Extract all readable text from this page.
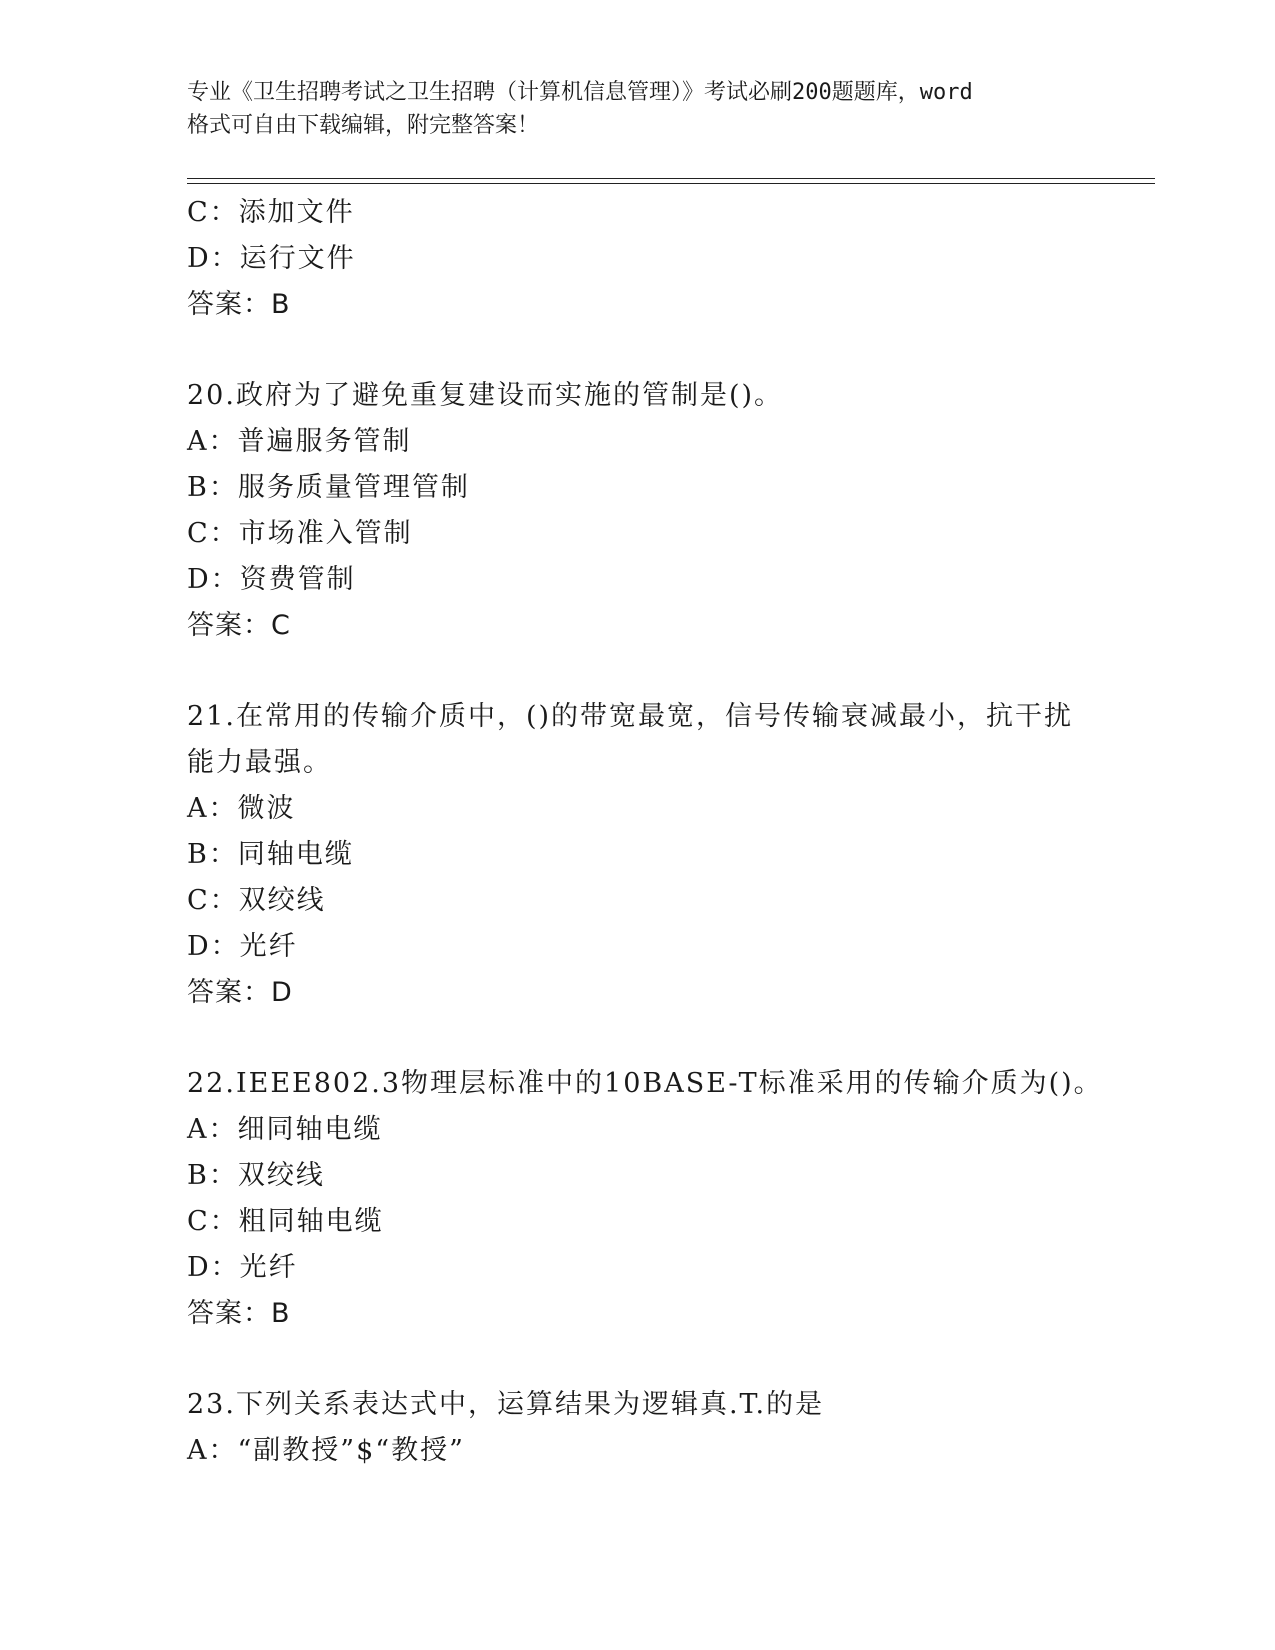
专业《卫生招聘考试之卫生招聘（计算机信息管理）》考试必刷200题题库，word
格式可自由下载编辑，附完整答案！
C：添加文件
D：运行文件
答案：B
20.政府为了避免重复建设而实施的管制是()。
A：普遍服务管制
B：服务质量管理管制
C：市场准入管制
D：资费管制
答案：C
21.在常用的传输介质中，()的带宽最宽，信号传输衰减最小，抗干扰
能力最强。
A：微波
B：同轴电缆
C：双绞线
D：光纤
答案：D
22.IEEE802.3物理层标准中的10BASE-T标准采用的传输介质为()。
A：细同轴电缆
B：双绞线
C：粗同轴电缆
D：光纤
答案：B
23.下列关系表达式中，运算结果为逻辑真.T.的是
A：“副教授”$“教授”
